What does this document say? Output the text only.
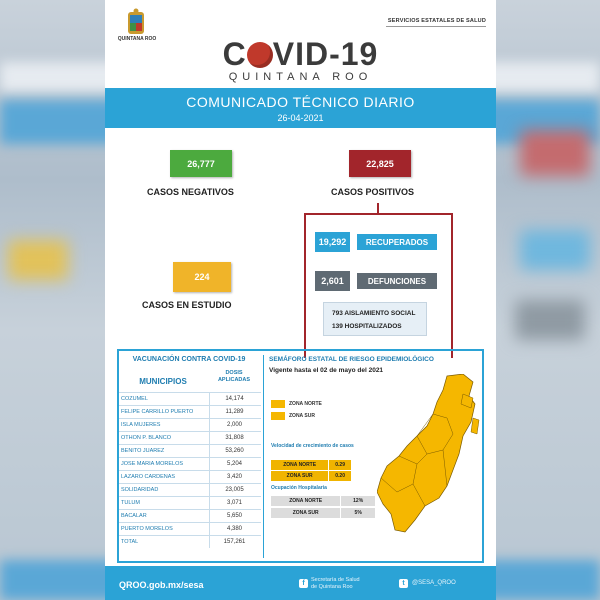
QUINTANA ROO
SERVICIOS ESTATALES DE SALUD
C VID-19
QUINTANA ROO
COMUNICADO TÉCNICO DIARIO
26-04-2021
26,777
CASOS NEGATIVOS
22,825
CASOS POSITIVOS
224
CASOS EN ESTUDIO
19,292	RECUPERADOS
2,601	DEFUNCIONES
793 AISLAMIENTO SOCIAL
139 HOSPITALIZADOS
VACUNACIÓN CONTRA COVID-19
MUNICIPIOS
DOSIS APLICADAS
COZUMEL	14,174
FELIPE CARRILLO PUERTO	11,289
ISLA MUJERES	2,000
OTHON P. BLANCO	31,808
BENITO JUAREZ	53,260
JOSE MARIA MORELOS	5,204
LAZARO CARDENAS	3,420
SOLIDARIDAD	23,005
TULUM	3,071
BACALAR	5,650
PUERTO MORELOS	4,380
TOTAL	157,261
SEMÁFORO ESTATAL DE RIESGO EPIDEMIOLÓGICO
Vigente hasta el 02 de mayo del 2021
ZONA NORTE
ZONA SUR
Velocidad de crecimiento de casos
ZONA NORTE	0.29
ZONA SUR	0.20
Ocupación Hospitalaria
ZONA NORTE	12%
ZONA SUR	5%
QROO.gob.mx/sesa	f	Secretaría de Salud
de Quintana Roo	t	@SESA_QROO
